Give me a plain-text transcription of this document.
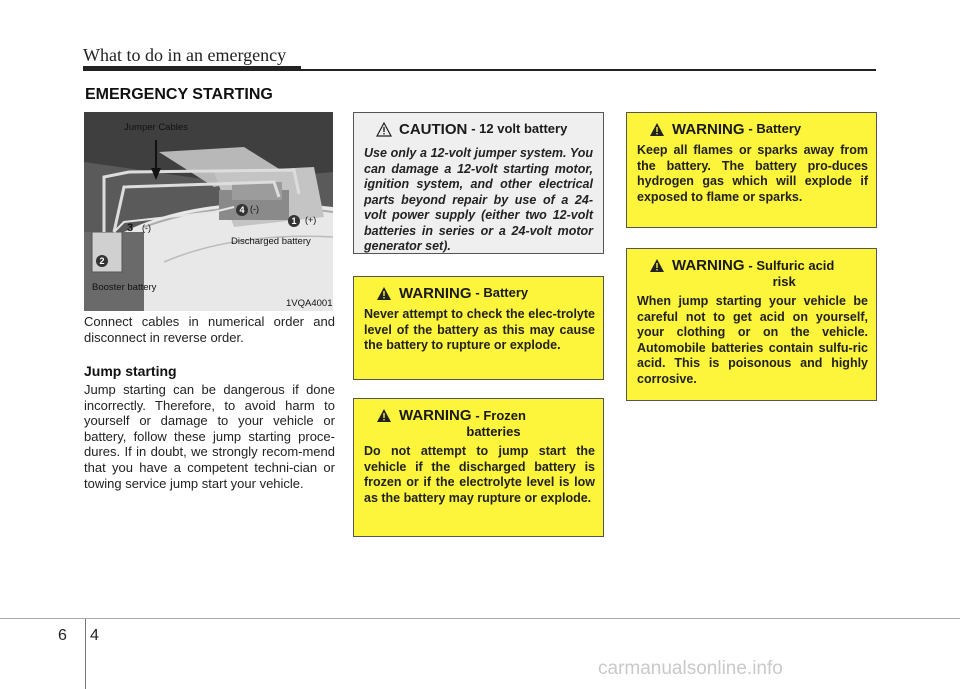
What to do in an emergency
EMERGENCY STARTING
Jumper Cables
Discharged battery
Booster battery
1
2
3
4
(-)
(-)
(+)
1VQA4001
Connect cables in numerical order and disconnect in reverse order.
Jump starting
Jump starting can be dangerous if done incorrectly. Therefore, to avoid harm to yourself or damage to your vehicle or battery, follow these jump starting proce-dures. If in doubt, we strongly recom-mend that you have a competent techni-cian or towing service jump start your vehicle.
CAUTION
- 12 volt battery
Use only a 12-volt jumper system. You can damage a 12-volt starting motor, ignition system, and other electrical parts beyond repair by use of a 24-volt power supply (either two 12-volt batteries in series or a 24-volt motor generator set).
WARNING
- Battery
Never attempt to check the elec-trolyte level of the battery as this may cause the battery to rupture or explode.
WARNING - Frozen
batteries
Do not attempt to jump start the vehicle if the discharged battery is frozen or if the electrolyte level is low as the battery may rupture or explode.
WARNING
- Battery
Keep all flames or sparks away from the battery. The battery pro-duces hydrogen gas which will explode if exposed to flame or sparks.
WARNING - Sulfuric acid
risk
When jump starting your vehicle be careful not to get acid on yourself, your clothing or on the vehicle. Automobile batteries contain sulfu-ric acid. This is poisonous and highly corrosive.
6 4
carmanualsonline.info
